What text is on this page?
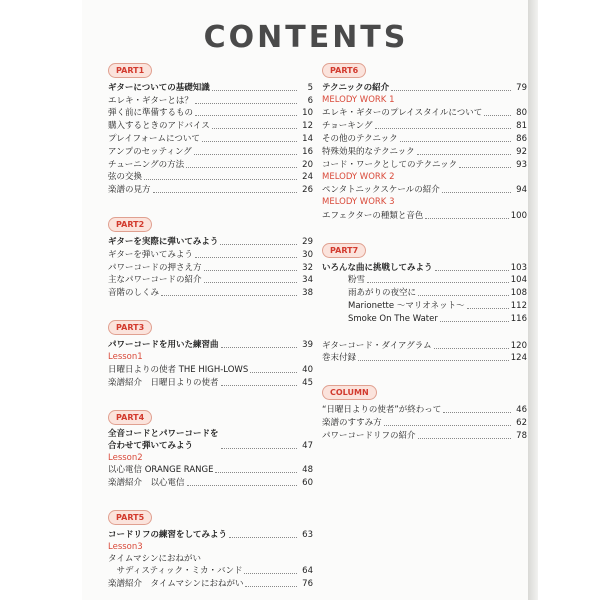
CONTENTS
PART1
ギターについての基礎知識	5
エレキ・ギターとは？	6
弾く前に準備するもの	10
購入するときのアドバイス	12
プレイフォームについて	14
アンプのセッティング	16
チューニングの方法	20
弦の交換	24
楽譜の見方	26
PART2
ギターを実際に弾いてみよう	29
ギターを弾いてみよう	30
パワーコードの押さえ方	32
主なパワーコードの紹介	34
音階のしくみ	38
PART3
パワーコードを用いた練習曲	39
Lesson1
日曜日よりの使者 THE HIGH-LOWS	40
楽譜紹介　日曜日よりの使者	45
PART4
全音コードとパワーコードを
合わせて弾いてみよう	47
Lesson2
以心電信 ORANGE RANGE	48
楽譜紹介　以心電信	60
PART5
コードリフの練習をしてみよう	63
Lesson3
タイムマシンにおねがい
　サディスティック・ミカ・バンド	64
楽譜紹介　タイムマシンにおねがい	76
PART6
テクニックの紹介	79
MELODY WORK 1
エレキ・ギターのプレイスタイルについて	80
チョーキング	81
その他のテクニック	86
特殊効果的なテクニック	92
コード・ワークとしてのテクニック	93
MELODY WORK 2
ペンタトニックスケールの紹介	94
MELODY WORK 3
エフェクターの種類と音色	100
PART7
いろんな曲に挑戦してみよう	103
粉雪	104
雨あがりの夜空に	108
Marionette ～マリオネット～	112
Smoke On The Water	116
ギターコード・ダイアグラム	120
巻末付録	124
COLUMN
“日曜日よりの使者”が終わって	46
楽譜のすすみ方	62
パワーコードリフの紹介	78
